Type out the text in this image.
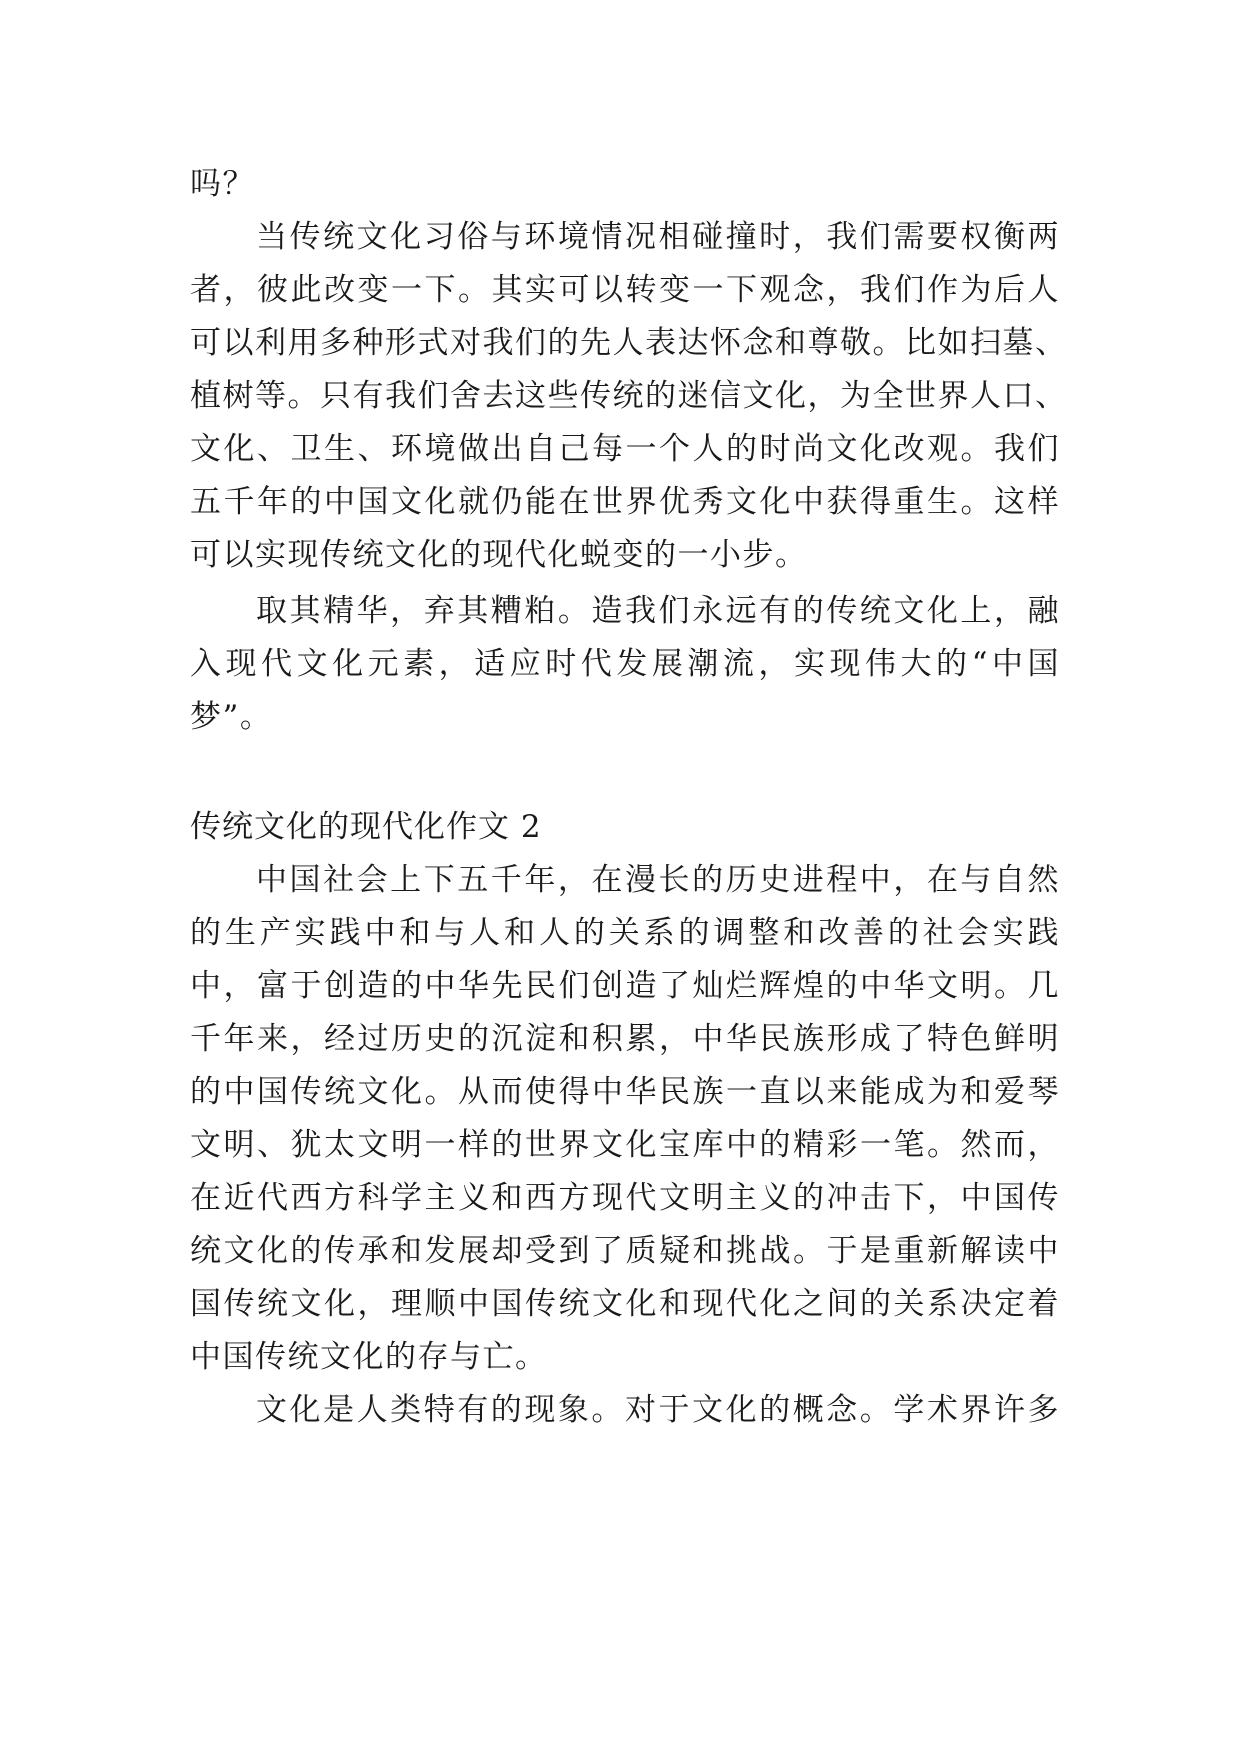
吗？
当传统文化习俗与环境情况相碰撞时，我们需要权衡两
者，彼此改变一下。其实可以转变一下观念，我们作为后人
可以利用多种形式对我们的先人表达怀念和尊敬。比如扫墓、
植树等。只有我们舍去这些传统的迷信文化，为全世界人口、
文化、卫生、环境做出自己每一个人的时尚文化改观。我们
五千年的中国文化就仍能在世界优秀文化中获得重生。这样
可以实现传统文化的现代化蜕变的一小步。
取其精华，弃其糟粕。造我们永远有的传统文化上，融
入现代文化元素，适应时代发展潮流，实现伟大的“中国
梦”。
传统文化的现代化作文 2
中国社会上下五千年，在漫长的历史进程中，在与自然
的生产实践中和与人和人的关系的调整和改善的社会实践
中，富于创造的中华先民们创造了灿烂辉煌的中华文明。几
千年来，经过历史的沉淀和积累，中华民族形成了特色鲜明
的中国传统文化。从而使得中华民族一直以来能成为和爱琴
文明、犹太文明一样的世界文化宝库中的精彩一笔。然而，
在近代西方科学主义和西方现代文明主义的冲击下，中国传
统文化的传承和发展却受到了质疑和挑战。于是重新解读中
国传统文化，理顺中国传统文化和现代化之间的关系决定着
中国传统文化的存与亡。
文化是人类特有的现象。对于文化的概念。学术界许多
